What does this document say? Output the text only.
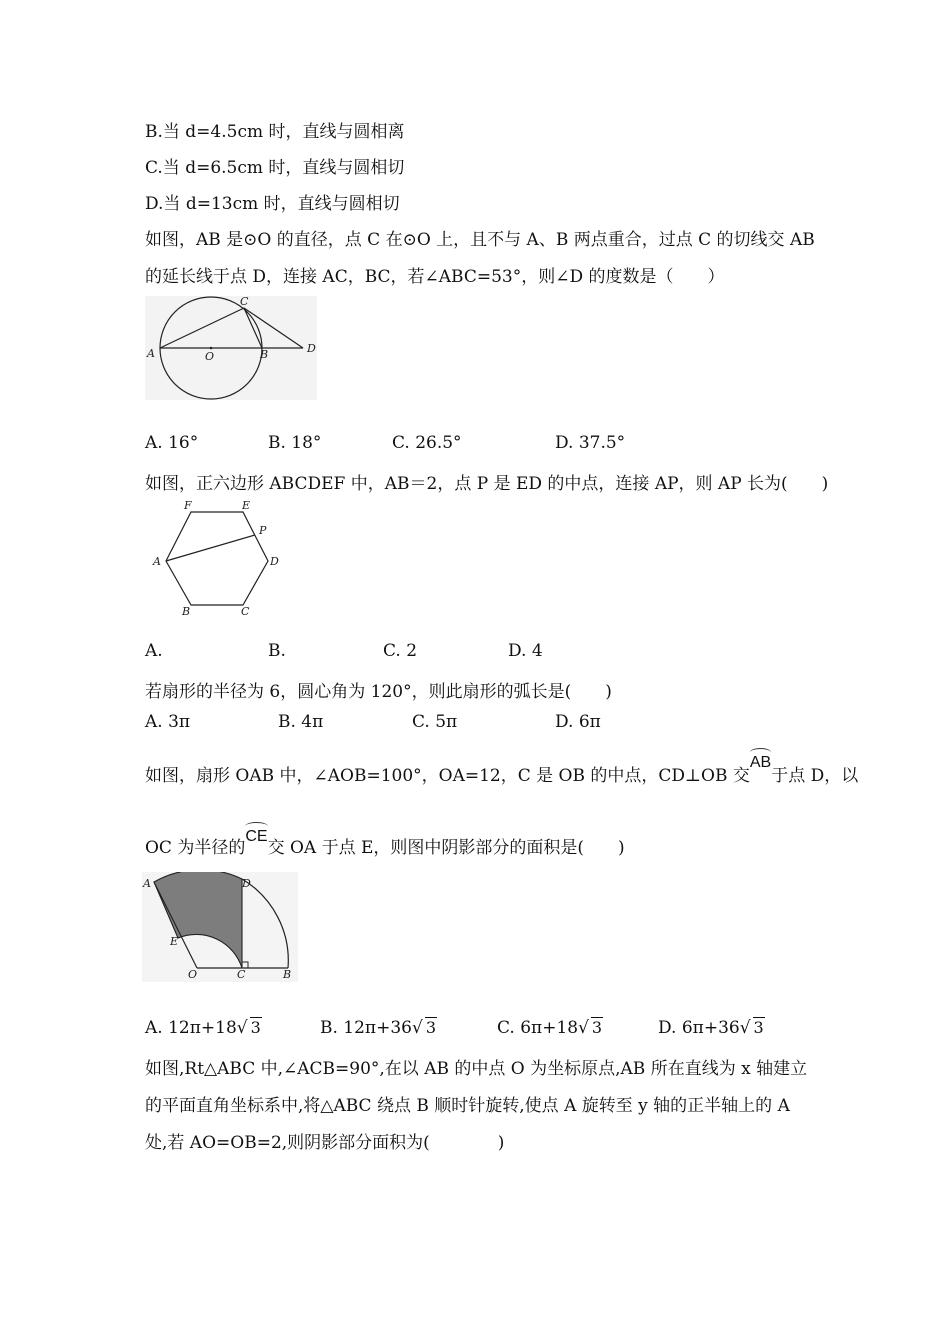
B.当 d=4.5cm 时，直线与圆相离
C.当 d=6.5cm 时，直线与圆相切
D.当 d=13cm 时，直线与圆相切
如图，AB 是⊙O 的直径，点 C 在⊙O 上，且不与 A、B 两点重合，过点 C 的切线交 AB
的延长线于点 D，连接 AC，BC，若∠ABC=53°，则∠D 的度数是（　　）
A	O	B
C
D
A. 16°	B. 18°	C. 26.5°	D. 37.5°
如图，正六边形 ABCDEF 中，AB＝2，点 P 是 ED 的中点，连接 AP，则 AP 长为(　　)
F	E
P
A	D
B	C
A.	B.	C. 2	D. 4
若扇形的半径为 6，圆心角为 120°，则此扇形的弧长是(　　)
A. 3π	B. 4π	C. 5π	D. 6π
如图，扇形 OAB 中，∠AOB=100°，OA=12，C 是 OB 的中点，CD⊥OB 交AB于点 D，以
OC 为半径的CE交 OA 于点 E，则图中阴影部分的面积是(　　)
A	D
E
O	C	B
A. 12π+18√ 3	B. 12π+36√ 3	C. 6π+18√ 3	D. 6π+36√ 3
如图,Rt△ABC 中,∠ACB=90°,在以 AB 的中点 O 为坐标原点,AB 所在直线为 x 轴建立
的平面直角坐标系中,将△ABC 绕点 B 顺时针旋转,使点 A 旋转至 y 轴的正半轴上的 A
处,若 AO=OB=2,则阴影部分面积为(　　　　)
